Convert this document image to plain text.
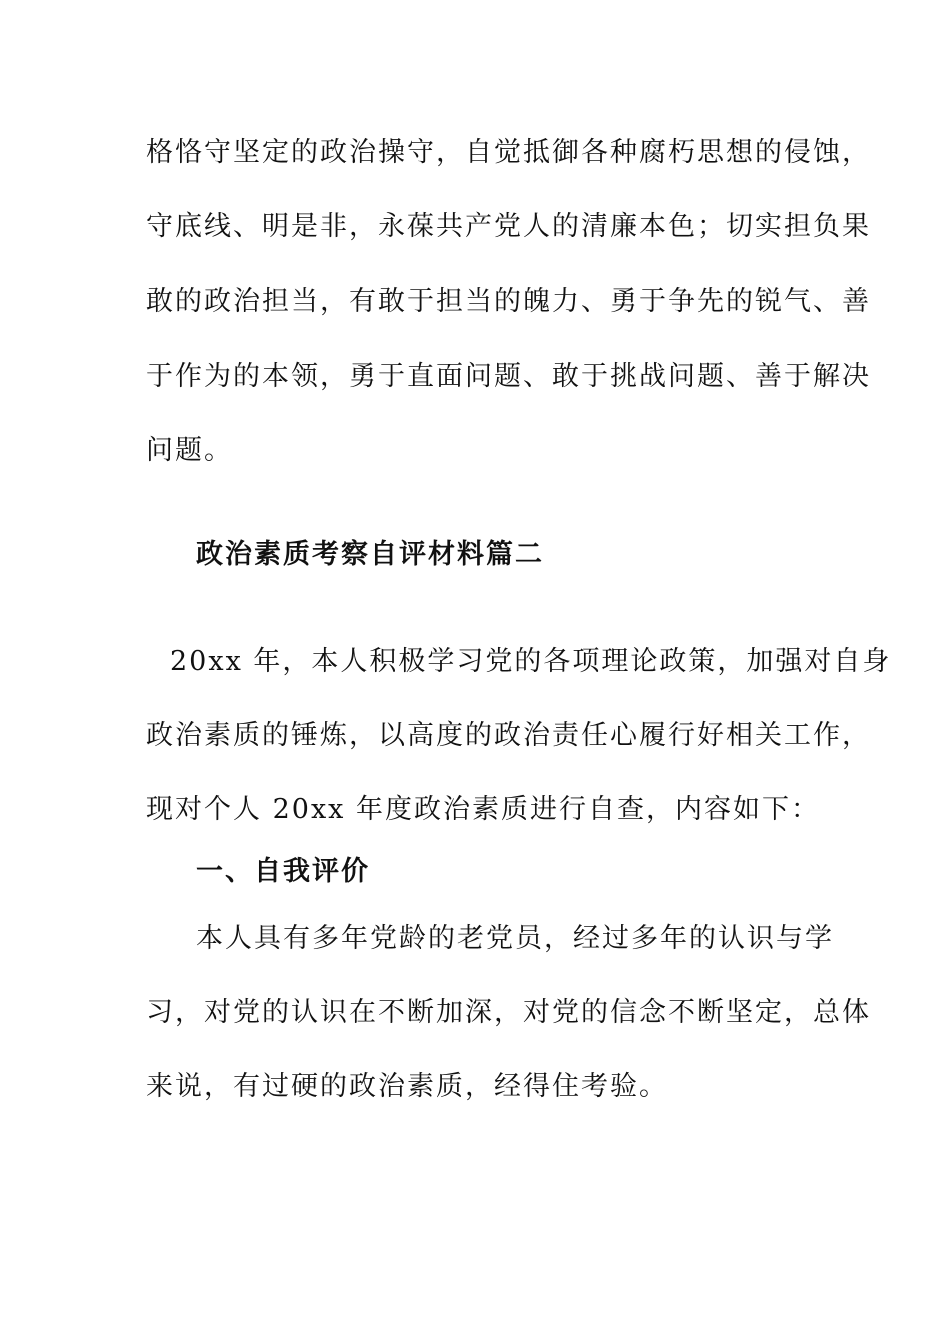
格恪守坚定的政治操守，自觉抵御各种腐朽思想的侵蚀，
守底线、明是非，永葆共产党人的清廉本色；切实担负果
敢的政治担当，有敢于担当的魄力、勇于争先的锐气、善
于作为的本领，勇于直面问题、敢于挑战问题、善于解决
问题。
政治素质考察自评材料篇二
20xx 年，本人积极学习党的各项理论政策，加强对自身
政治素质的锤炼，以高度的政治责任心履行好相关工作，
现对个人 20xx 年度政治素质进行自查，内容如下：
一、自我评价
本人具有多年党龄的老党员，经过多年的认识与学
习，对党的认识在不断加深，对党的信念不断坚定，总体
来说，有过硬的政治素质，经得住考验。
